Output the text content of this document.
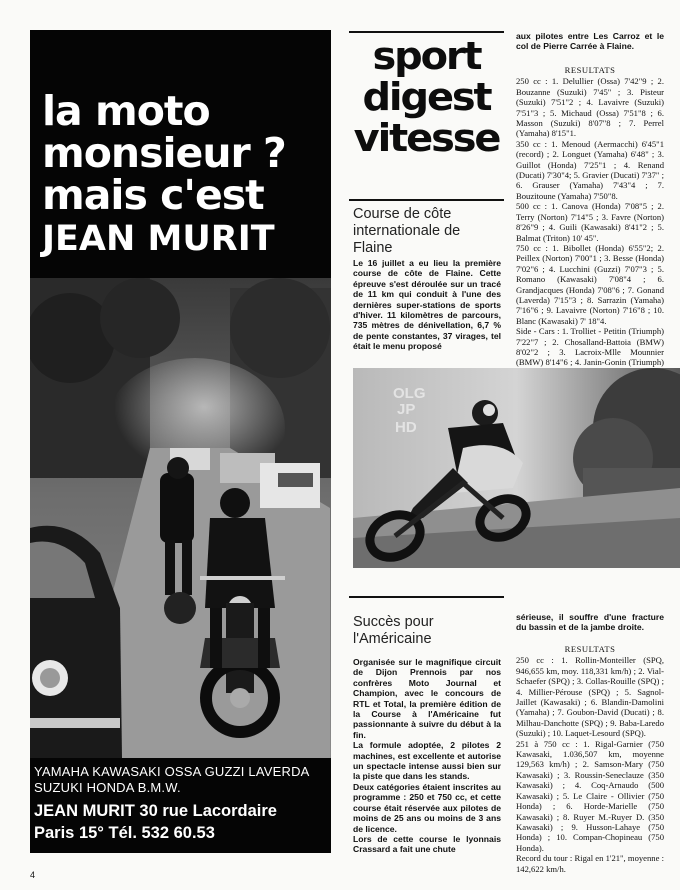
la moto
monsieur ?
mais c'est
JEAN MURIT
YAMAHA KAWASAKI OSSA GUZZI LAVERDA
SUZUKI HONDA B.M.W.
JEAN MURIT 30 rue Lacordaire
Paris 15° Tél. 532 60.53
sport
digest
vitesse
Course de côte
internationale de
Flaine

Le 16 juillet a eu lieu la première course de côte de Flaine. Cette épreuve s'est déroulée sur un tracé de 11 km qui conduit à l'une des dernières super-stations de sports d'hiver. 11 kilomètres de parcours, 735 mètres de dénivellation, 6,7 % de pente constantes, 37 virages, tel était le menu proposé

aux pilotes entre Les Carroz et le col de Pierre Carrée à Flaine.

RESULTATS

250 cc : 1. Delullier (Ossa) 7'42"9 ; 2. Bouzanne (Suzuki) 7'45" ; 3. Pisteur (Suzuki) 7'51"2 ; 4. Lavaivre (Suzuki) 7'51"3 ; 5. Michaud (Ossa) 7'51"8 ; 6. Masson (Suzuki) 8'07"8 ; 7. Perrel (Yamaha) 8'15"1.

350 cc : 1. Menoud (Aermacchi) 6'45"1 (record) ; 2. Longuet (Yamaha) 6'48" ; 3. Guillot (Honda) 7'25"1 ; 4. Renand (Ducati) 7'30"4; 5. Gravier (Ducati) 7'37" ; 6. Grauser (Yamaha) 7'43"4 ; 7. Bouzitoune (Yamaha) 7'50"8.

500 cc : 1. Canova (Honda) 7'08"5 ; 2. Terry (Norton) 7'14"5 ; 3. Favre (Norton) 8'26"9 ; 4. Guili (Kawasaki) 8'41"2 ; 5. Balmat (Triton) 10' 45".

750 cc : 1. Bibollet (Honda) 6'55"2; 2. Peillex (Norton) 7'00"1 ; 3. Besse (Honda) 7'02"6 ; 4. Lucchini (Guzzi) 7'07"3 ; 5. Romano (Kawasaki) 7'08"4 ; 6. Grandjacques (Honda) 7'08"6 ; 7. Gonand (Laverda) 7'15"3 ; 8. Sarrazin (Yamaha) 7'16"6 ; 9. Lavaivre (Norton) 7'16"8 ; 10. Blanc (Kawasaki) 7' 18"4.

Side - Cars : 1. Trolliet - Petitin (Triumph) 7'22"7 ; 2. Chosalland-Battoia (BMW) 8'02"2 ; 3. Lacroix-Mlle Mounnier (BMW) 8'14"6 ; 4. Janin-Gonin (Triumph)

OLG
JP
HD
Succès pour
l'Américaine

Organisée sur le magnifique circuit de Dijon Prennois par nos confrères Moto Journal et Champion, avec le concours de RTL et Total, la première édition de la Course à l'Américaine fut passionnante à suivre du début à la fin.

La formule adoptée, 2 pilotes 2 machines, est excellente et autorise un spectacle intense aussi bien sur la piste que dans les stands.

Deux catégories étaient inscrites au programme : 250 et 750 cc, et cette course était réservée aux pilotes de moins de 25 ans ou moins de 3 ans de licence.

Lors de cette course le lyonnais Crassard a fait une chute

sérieuse, il souffre d'une fracture du bassin et de la jambe droite.

RESULTATS

250 cc : 1. Rollin-Monteiller (SPQ, 946,655 km, moy. 118,331 km/h) ; 2. Vial-Schaefer (SPQ) ; 3. Collas-Rouille (SPQ) ; 4. Millier-Pérouse (SPQ) ; 5. Sagnol-Jaillet (Kawasaki) ; 6. Blandin-Damolini (Yamaha) ; 7. Goubon-David (Ducati) ; 8. Milhau-Danchotte (SPQ) ; 9. Baba-Laredo (Suzuki) ; 10. Laquet-Lesourd (SPQ).

251 à 750 cc : 1. Rigal-Garnier (750 Kawasaki, 1.036,507 km, moyenne 129,563 km/h) ; 2. Samson-Mary (750 Kawasaki) ; 3. Roussin-Seneclauze (350 Kawasaki) ; 4. Coq-Arnaudo (500 Kawasaki) ; 5. Le Claire - Ollivier (750 Honda) ; 6. Horde-Marielle (750 Kawasaki) ; 8. Ruyer M.-Ruyer D. (350 Kawasaki) ; 9. Husson-Lahaye (750 Honda) ; 10. Compan-Chopineau (750 Honda).

Record du tour : Rigal en 1'21", moyenne : 142,622 km/h.

4
